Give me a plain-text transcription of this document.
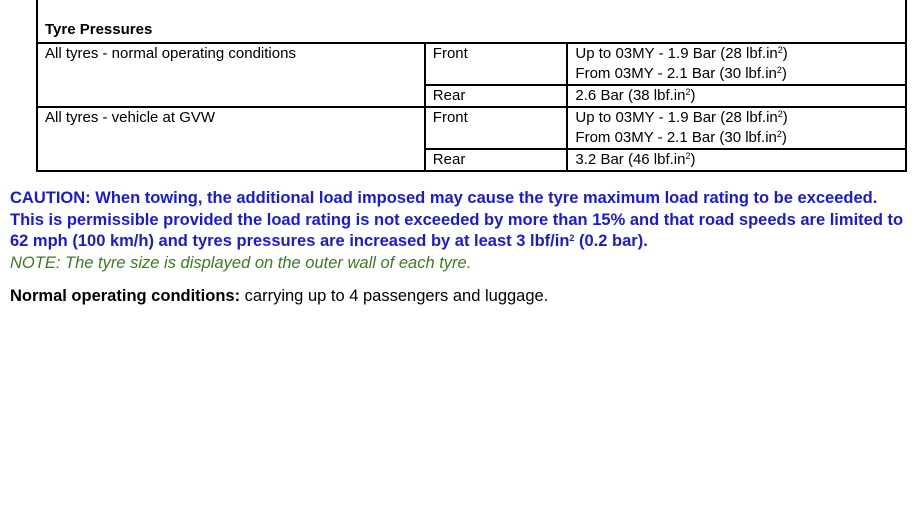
Tyre Pressures		
All tyres - normal operating conditions	Front	Up to 03MY - 1.9 Bar (28 $lbf.in^2$)
From 03MY - 2.1 Bar (30 $lbf.in^2$)

	Rear	2.6 Bar (38 $lbf.in^2$)

All tyres - vehicle at GVW	Front	Up to 03MY - 1.9 Bar (28 $lbf.in^2$)
From 03MY - 2.1 Bar (30 $lbf.in^2$)

	Rear	3.2 Bar (46 $lbf.in^2$)
CAUTION: When towing, the additional load imposed may cause the tyre maximum load rating to be exceeded. This is permissible provided the load rating is not exceeded by more than 15% and that road speeds are limited to 62 mph (100 km/h) and tyres pressures are increased by at least 3 lbf/$in^2$ (0.2 bar).
NOTE: The tyre size is displayed on the outer wall of each tyre.
Normal operating conditions: carrying up to 4 passengers and luggage.
